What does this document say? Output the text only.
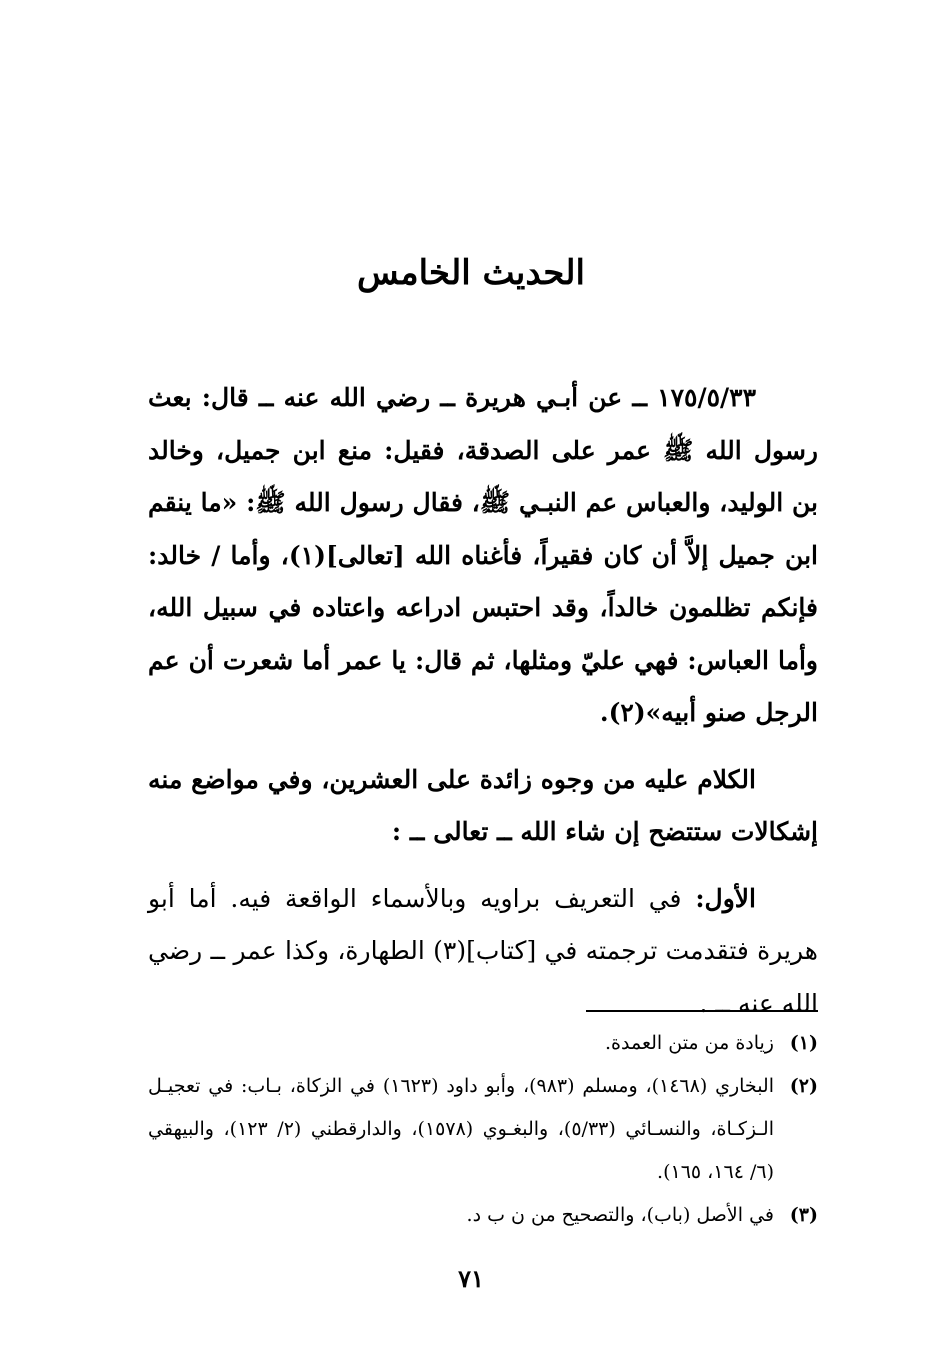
الحديث الخامس

١٧٥/٥/٣٣ ــ عن أبـي هريرة ــ رضي الله عنه ــ قال: بعث رسول الله ﷺ عمر على الصدقة، فقيل: منع ابن جميل، وخالد بن الوليد، والعباس عم النبـي ﷺ، فقال رسول الله ﷺ: «ما ينقم ابن جميل إلاَّ أن كان فقيراً، فأغناه الله [تعالى](١)، وأما / خالد: فإنكم تظلمون خالداً، وقد احتبس ادراعه واعتاده في سبيل الله، وأما العباس: فهي عليّ ومثلها، ثم قال: يا عمر أما شعرت أن عم الرجل صنو أبيه»(٢).

الكلام عليه من وجوه زائدة على العشرين، وفي مواضع منه إشكالات ستتضح إن شاء الله ــ تعالى ــ :

الأول: في التعريف براويه وبالأسماء الواقعة فيه. أما أبو هريرة فتقدمت ترجمته في [كتاب](٣) الطهارة، وكذا عمر ــ رضي الله عنه ــ .

(١)
زيادة من متن العمدة.
(٢)
البخاري (١٤٦٨)، ومسلم (٩٨٣)، وأبو داود (١٦٢٣) في الزكاة، بـاب: في تعجيـل الـزكـاة، والنسـائي (٥/٣٣)، والبغـوي (١٥٧٨)، والدارقطني (٢/ ١٢٣)، والبيهقي (٦/ ١٦٤، ١٦٥).
(٣)
في الأصل (باب)، والتصحيح من ن ب د.
٧١
